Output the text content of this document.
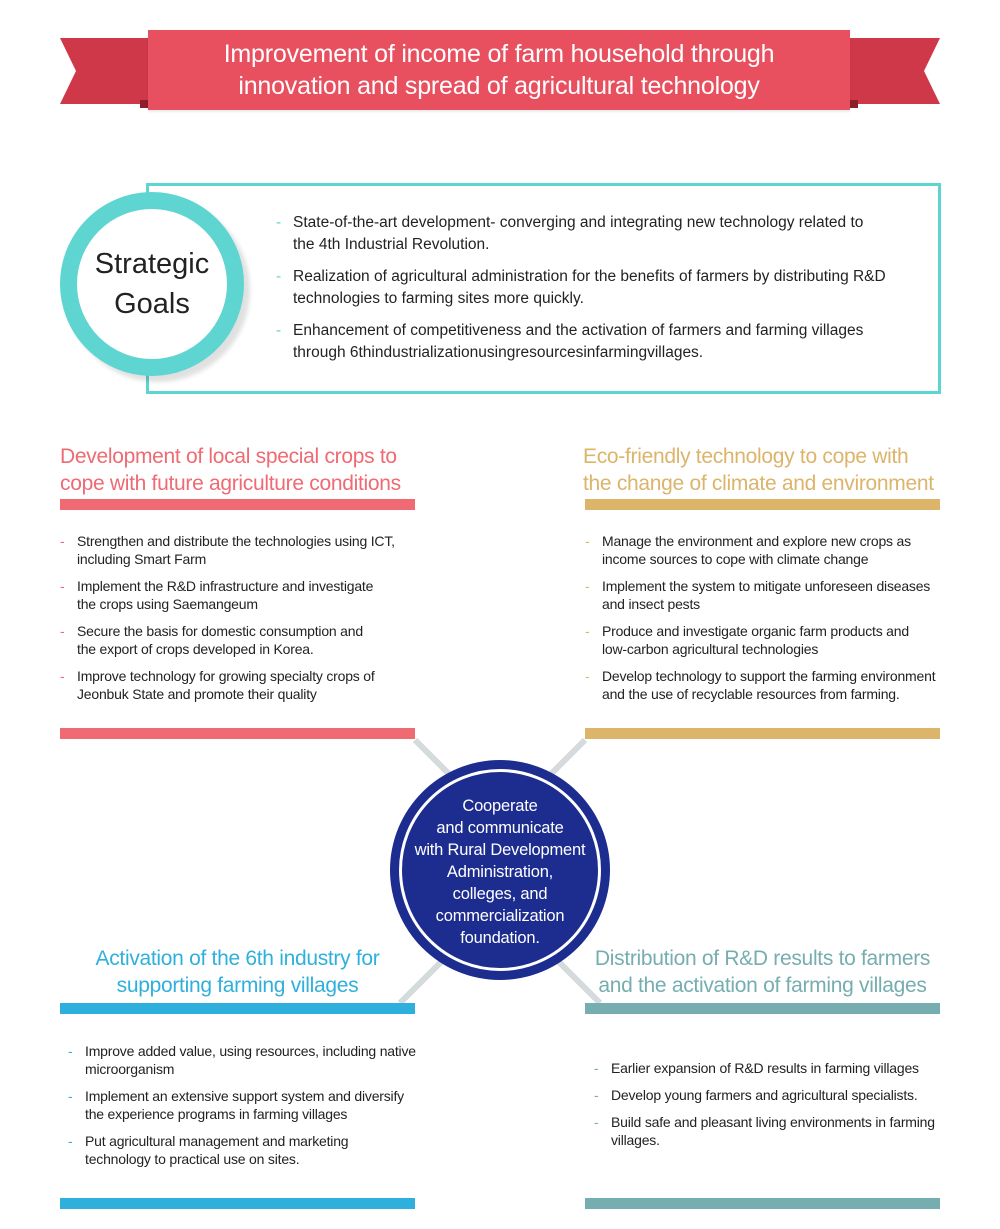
Improvement of income of farm household through
innovation and spread of agricultural technology
Strategic
Goals
- State-of-the-art development- converging and integrating new technology related to
the 4th Industrial Revolution.
- Realization of agricultural administration for the benefits of farmers by distributing R&D
technologies to farming sites more quickly.
- Enhancement of competitiveness and the activation of farmers and farming villages
through 6thindustrializationusingresourcesinfarmingvillages.
Development of local special crops to
cope with future agriculture conditions
- Strengthen and distribute the technologies using ICT,
including Smart Farm
- Implement the R&D infrastructure and investigate
the crops using Saemangeum
- Secure the basis for domestic consumption and
the export of crops developed in Korea.
- Improve technology for growing specialty crops of
Jeonbuk State and promote their quality
Eco-friendly technology to cope with
the change of climate and environment
- Manage the environment and explore new crops as
income sources to cope with climate change
- Implement the system to mitigate unforeseen diseases
and insect pests
- Produce and investigate organic farm products and
low-carbon agricultural technologies
- Develop technology to support the farming environment
and the use of recyclable resources from farming.
Cooperate
and communicate
with Rural Development
Administration,
colleges, and
commercialization
foundation.
Activation of the 6th industry for
supporting farming villages
- Improve added value, using resources, including native
microorganism
- Implement an extensive support system and diversify
the experience programs in farming villages
- Put agricultural management and marketing
technology to practical use on sites.
Distribution of R&D results to farmers
and the activation of farming villages
- Earlier expansion of R&D results in farming villages
- Develop young farmers and agricultural specialists.
- Build safe and pleasant living environments in farming
villages.
